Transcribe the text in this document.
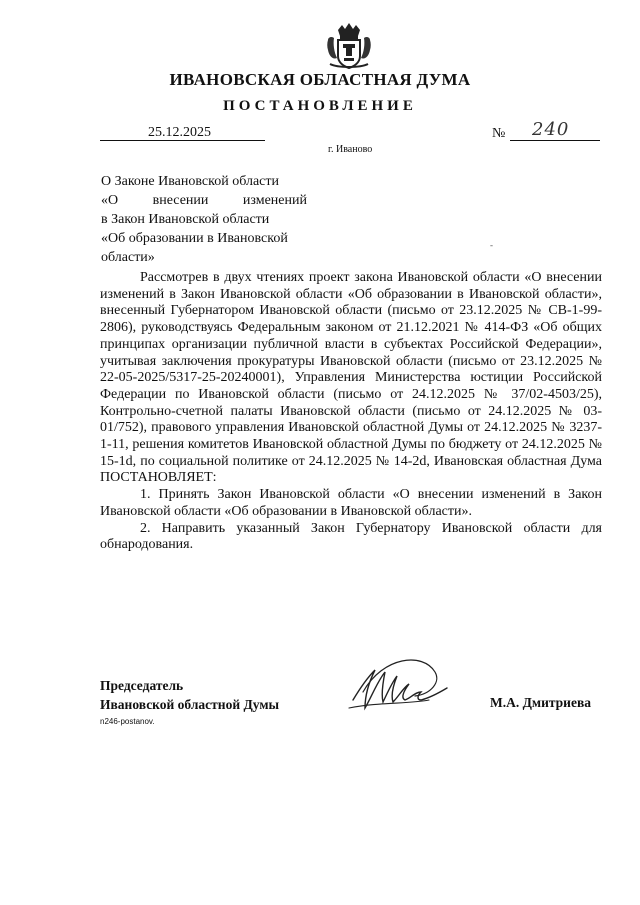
ИВАНОВСКАЯ ОБЛАСТНАЯ ДУМА
ПОСТАНОВЛЕНИЕ
25.12.2025	№ 240
г. Иваново
О Законе Ивановской области
«О внесении изменений
в Закон Ивановской области
«Об образовании в Ивановской
области»
-

Рассмотрев в двух чтениях проект закона Ивановской области «О внесении изменений в Закон Ивановской области «Об образовании в Ивановской области», внесенный Губернатором Ивановской области (письмо от 23.12.2025 № СВ-1-99-2806), руководствуясь Федеральным законом от 21.12.2021 № 414-ФЗ «Об общих принципах организации публичной власти в субъектах Российской Федерации», учитывая заключения прокуратуры Ивановской области (письмо от 23.12.2025 № 22-05-2025/5317-25-20240001), Управления Министерства юстиции Российской Федерации по Ивановской области (письмо от 24.12.2025 № 37/02-4503/25), Контрольно-счетной палаты Ивановской области (письмо от 24.12.2025 № 03-01/752), правового управления Ивановской областной Думы от 24.12.2025 № 3237-1-11, решения комитетов Ивановской областной Думы по бюджету от 24.12.2025 № 15-1d, по социальной политике от 24.12.2025 № 14-2d, Ивановская областная Дума ПОСТАНОВЛЯЕТ:

1. Принять Закон Ивановской области «О внесении изменений в Закон Ивановской области «Об образовании в Ивановской области».

2. Направить указанный Закон Губернатору Ивановской области для обнародования.

Председатель
Ивановской областной Думы	М.А. Дмитриева
n246-postanov.
